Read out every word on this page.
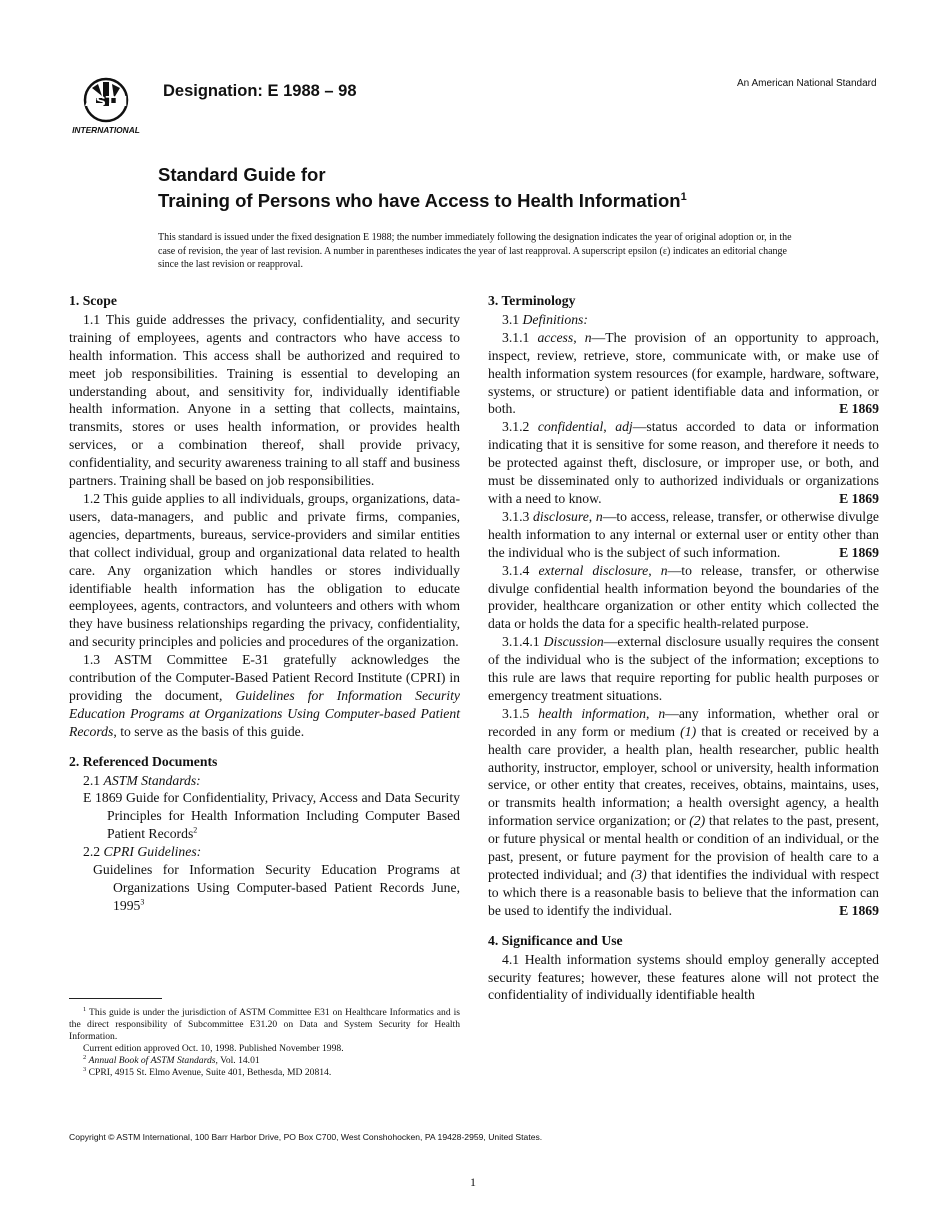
ASTM
INTERNATIONAL
Designation: E 1988 – 98	An American National Standard
Standard Guide for
Training of Persons who have Access to Health Information$^1$
This standard is issued under the fixed designation E 1988; the number immediately following the designation indicates the year of original adoption or, in the case of revision, the year of last revision. A number in parentheses indicates the year of last reapproval. A superscript epsilon (ε) indicates an editorial change since the last revision or reapproval.
1. Scope

1.1 This guide addresses the privacy, confidentiality, and security training of employees, agents and contractors who have access to health information. This access shall be authorized and required to meet job responsibilities. Training is essential to developing an understanding about, and sensitivity for, individually identifiable health information. Anyone in a setting that collects, maintains, transmits, stores or uses health information, or provides health services, or a combination thereof, shall provide privacy, confidentiality, and security awareness training to all staff and business partners. Training shall be based on job responsibilities.

1.2 This guide applies to all individuals, groups, organizations, data-users, data-managers, and public and private firms, companies, agencies, departments, bureaus, service-providers and similar entities that collect individual, group and organizational data related to health care. Any organization which handles or stores individually identifiable health information has the obligation to educate eemployees, agents, contractors, and volunteers and others with whom they have business relationships regarding the privacy, confidentiality, and security principles and policies and procedures of the organization.

1.3 ASTM Committee E-31 gratefully acknowledges the contribution of the Computer-Based Patient Record Institute (CPRI) in providing the document, Guidelines for Information Security Education Programs at Organizations Using Computer-based Patient Records, to serve as the basis of this guide.

2. Referenced Documents

2.1 ASTM Standards:

E 1869 Guide for Confidentiality, Privacy, Access and Data Security Principles for Health Information Including Computer Based Patient Records$^2$

2.2 CPRI Guidelines:

Guidelines for Information Security Education Programs at Organizations Using Computer-based Patient Records June, 1995$^3$

$^1$ This guide is under the jurisdiction of ASTM Committee E31 on Healthcare Informatics and is the direct responsibility of Subcommittee E31.20 on Data and System Security for Health Information.

Current edition approved Oct. 10, 1998. Published November 1998.

$^2$ Annual Book of ASTM Standards, Vol. 14.01

$^3$ CPRI, 4915 St. Elmo Avenue, Suite 401, Bethesda, MD 20814.

3. Terminology

3.1 Definitions:

3.1.1 access, n—The provision of an opportunity to approach, inspect, review, retrieve, store, communicate with, or make use of health information system resources (for example, hardware, software, systems, or structure) or patient identifiable data and information, or both.	E 1869

3.1.2 confidential, adj—status accorded to data or information indicating that it is sensitive for some reason, and therefore it needs to be protected against theft, disclosure, or improper use, or both, and must be disseminated only to authorized individuals or organizations with a need to know.	E 1869

3.1.3 disclosure, n—to access, release, transfer, or otherwise divulge health information to any internal or external user or entity other than the individual who is the subject of such information.	E 1869

3.1.4 external disclosure, n—to release, transfer, or otherwise divulge confidential health information beyond the boundaries of the provider, healthcare organization or other entity which collected the data or holds the data for a specific health-related purpose.

3.1.4.1 Discussion—external disclosure usually requires the consent of the individual who is the subject of the information; exceptions to this rule are laws that require reporting for public health purposes or emergency treatment situations.

3.1.5 health information, n—any information, whether oral or recorded in any form or medium (1) that is created or received by a health care provider, a health plan, health researcher, public health authority, instructor, employer, school or university, health information service, or other entity that creates, receives, obtains, maintains, uses, or transmits health information; a health oversight agency, a health information service organization; or (2) that relates to the past, present, or future physical or mental health or condition of an individual, or the past, present, or future payment for the provision of health care to a protected individual; and (3) that identifies the individual with respect to which there is a reasonable basis to believe that the information can be used to identify the individual.	E 1869

4. Significance and Use

4.1 Health information systems should employ generally accepted security features; however, these features alone will not protect the confidentiality of individually identifiable health

Copyright © ASTM International, 100 Barr Harbor Drive, PO Box C700, West Conshohocken, PA 19428-2959, United States.
1
